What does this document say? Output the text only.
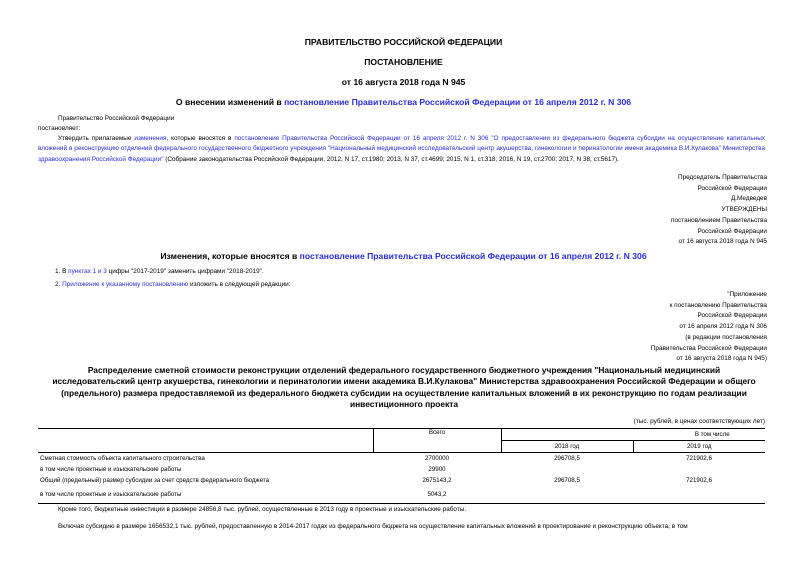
ПРАВИТЕЛЬСТВО РОССИЙСКОЙ ФЕДЕРАЦИИ
ПОСТАНОВЛЕНИЕ
от 16 августа 2018 года N 945
О внесении изменений в постановление Правительства Российской Федерации от 16 апреля 2012 г. N 306
Правительство Российской Федерации
постановляет:
Утвердить прилагаемые изменения, которые вносятся в постановление Правительства Российской Федерации от 16 апреля 2012 г. N 306 "О предоставлении из федерального бюджета субсидии на осуществление капитальных вложений в реконструкцию отделений федерального государственного бюджетного учреждения "Национальный медицинский исследовательский центр акушерства, гинекологии и перинатологии имени академика В.И.Кулакова" Министерства здравоохранения Российской Федерации" (Собрание законодательства Российской Федерации, 2012, N 17, ст.1980; 2013, N 37, ст.4699; 2015, N 1, ст.318; 2016, N 19, ст.2700; 2017, N 38, ст.5617).
Председатель Правительства
Российской Федерации
Д.Медведев
УТВЕРЖДЕНЫ
постановлением Правительства
Российской Федерации
от 16 августа 2018 года N 945
Изменения, которые вносятся в постановление Правительства Российской Федерации от 16 апреля 2012 г. N 306
1. В пунктах 1 и 3 цифры "2017-2019" заменить цифрами "2018-2019".
2. Приложение к указанному постановлению изложить в следующей редакции:
"Приложение
к постановлению Правительства
Российской Федерации
от 16 апреля 2012 года N 306
(в редакции постановления
Правительства Российской Федерации
от 16 августа 2018 года N 945)
Распределение сметной стоимости реконструкции отделений федерального государственного бюджетного учреждения "Национальный медицинский исследовательский центр акушерства, гинекологии и перинатологии имени академика В.И.Кулакова" Министерства здравоохранения Российской Федерации и общего (предельного) размера предоставляемой из федерального бюджета субсидии на осуществление капитальных вложений в их реконструкцию по годам реализации инвестиционного проекта
(тыс. рублей, в ценах соответствующих лет)
	Всего	В том числе	
		2018 год	2019 год
Сметная стоимость объекта капитального строительства	2700000	296708,5	721902,6
в том числе проектные и изыскательские работы	29900		
Общий (предельный) размер субсидии за счет средств федерального бюджета	2675143,2	296708,5	721902,6
в том числе проектные и изыскательские работы	5043,2		
Кроме того, бюджетные инвестиции в размере 24856,8 тыс. рублей, осуществленные в 2013 году в проектные и изыскательские работы.
Включая субсидию в размере 1656532,1 тыс. рублей, предоставленную в 2014-2017 годах из федерального бюджета на осуществление капитальных вложений в проектирование и реконструкцию объекта, в том
